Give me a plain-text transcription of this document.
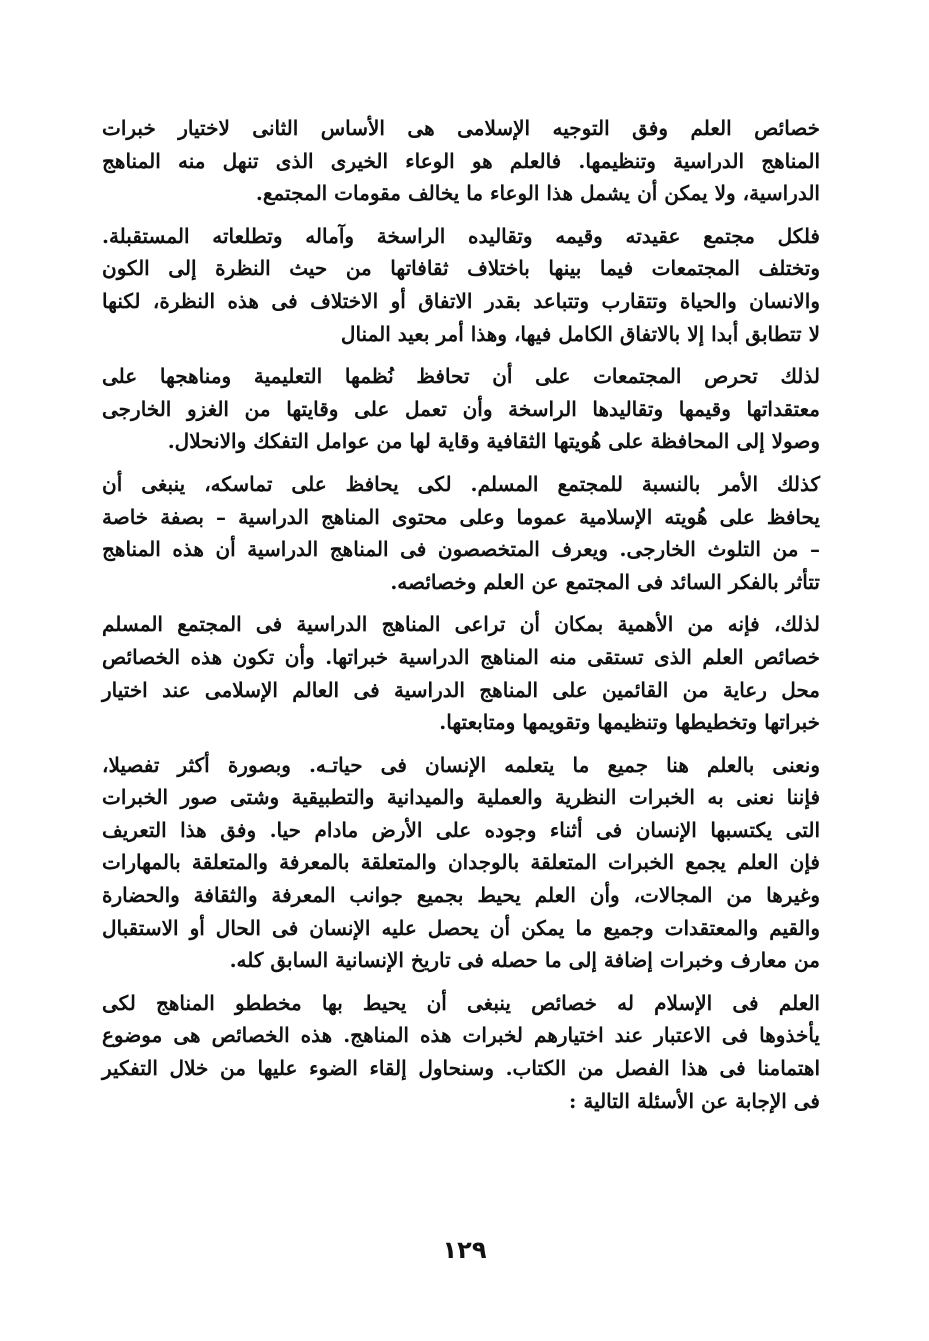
خصائص العلم وفق التوجيه الإسلامى هى الأساس الثانى لاختيار خبرات
المناهج الدراسية وتنظيمها. فالعلم هو الوعاء الخيرى الذى تنهل منه المناهج
الدراسية، ولا يمكن أن يشمل هذا الوعاء ما يخالف مقومات المجتمع.

فلكل مجتمع عقيدته وقيمه وتقاليده الراسخة وآماله وتطلعاته المستقبلة.
وتختلف المجتمعات فيما بينها باختلاف ثقافاتها من حيث النظرة إلى الكون
والانسان والحياة وتتقارب وتتباعد بقدر الاتفاق أو الاختلاف فى هذه النظرة، لكنها
لا تتطابق أبدا إلا بالاتفاق الكامل فيها، وهذا أمر بعيد المنال

لذلك تحرص المجتمعات على أن تحافظ نُظمها التعليمية ومناهجها على
معتقداتها وقيمها وتقاليدها الراسخة وأن تعمل على وقايتها من الغزو الخارجى
وصولا إلى المحافظة على هُويتها الثقافية وقاية لها من عوامل التفكك والانحلال.

كذلك الأمر بالنسبة للمجتمع المسلم. لكى يحافظ على تماسكه، ينبغى أن
يحافظ على هُويته الإسلامية عموما وعلى محتوى المناهج الدراسية – بصفة خاصة
– من التلوث الخارجى. ويعرف المتخصصون فى المناهج الدراسية أن هذه المناهج
تتأثر بالفكر السائد فى المجتمع عن العلم وخصائصه.

لذلك، فإنه من الأهمية بمكان أن تراعى المناهج الدراسية فى المجتمع المسلم
خصائص العلم الذى تستقى منه المناهج الدراسية خبراتها. وأن تكون هذه الخصائص
محل رعاية من القائمين على المناهج الدراسية فى العالم الإسلامى عند اختيار
خبراتها وتخطيطها وتنظيمها وتقويمها ومتابعتها.

ونعنى بالعلم هنا جميع ما يتعلمه الإنسان فى حياتـه. وبصورة أكثر تفصيلا،
فإننا نعنى به الخبرات النظرية والعملية والميدانية والتطبيقية وشتى صور الخبرات
التى يكتسبها الإنسان فى أثناء وجوده على الأرض مادام حيا. وفق هذا التعريف
فإن العلم يجمع الخبرات المتعلقة بالوجدان والمتعلقة بالمعرفة والمتعلقة بالمهارات
وغيرها من المجالات، وأن العلم يحيط بجميع جوانب المعرفة والثقافة والحضارة
والقيم والمعتقدات وجميع ما يمكن أن يحصل عليه الإنسان فى الحال أو الاستقبال
من معارف وخبرات إضافة إلى ما حصله فى تاريخ الإنسانية السابق كله.

العلم فى الإسلام له خصائص ينبغى أن يحيط بها مخططو المناهج لكى
يأخذوها فى الاعتبار عند اختيارهم لخبرات هذه المناهج. هذه الخصائص هى موضوع
اهتمامنا فى هذا الفصل من الكتاب. وسنحاول إلقاء الضوء عليها من خلال التفكير
فى الإجابة عن الأسئلة التالية :

١٢٩
